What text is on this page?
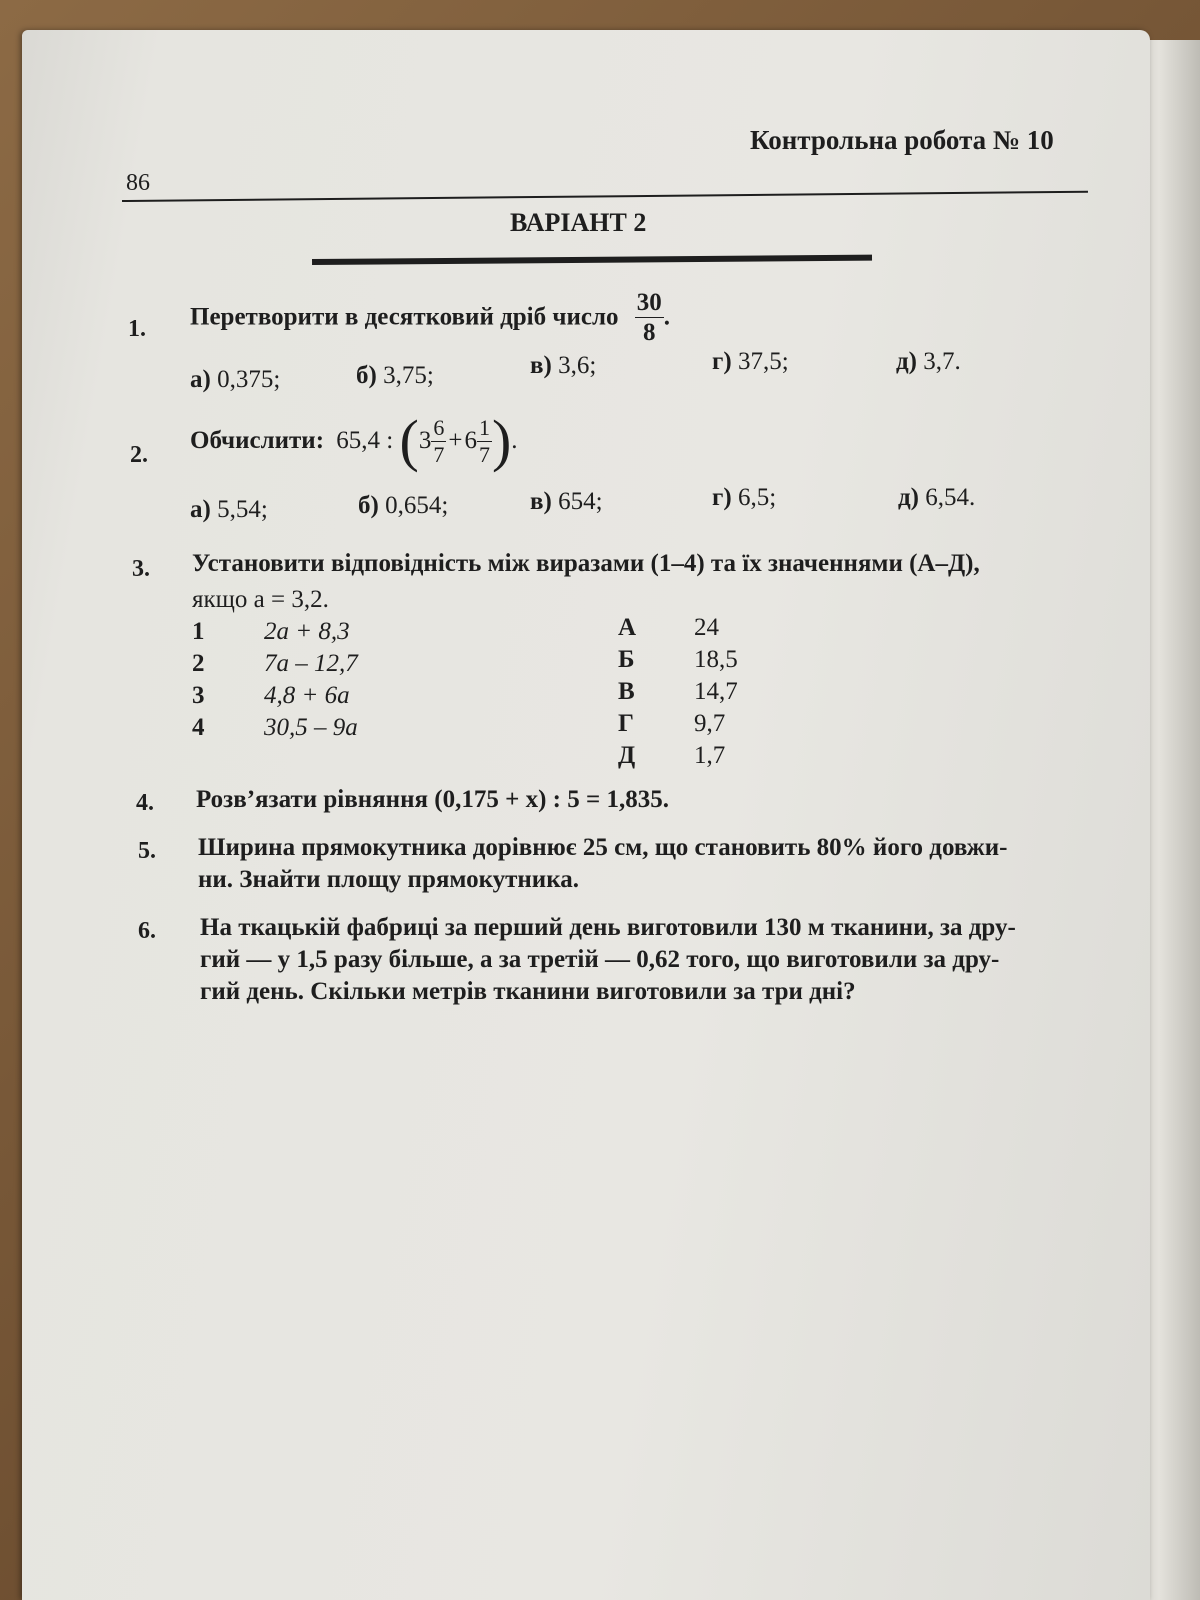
Контрольна робота № 10
86
ВАРІАНТ 2
1. Перетворити в десятковий дріб число $\frac{30}{8}$ .
а) 0,375;	б) 3,75;	в) 3,6;	г) 37,5;	д) 3,7.
2.
Обчислити: 65,4 : ($3 \frac{6}{7} +6 \frac{1}{7}$ ).
а) 5,54;	б) 0,654;	в) 654;	г) 6,5;	д) 6,54.
3. Установити відповідність між виразами (1–4) та їх значеннями (А–Д),
якщо a = 3,2.
1 2a + 8,3
2 7a – 12,7
3 4,8 + 6a
4 30,5 – 9a
А 24
Б 18,5
В 14,7
Г 9,7
Д 1,7
4. Розв’язати рівняння (0,175 + x) : 5 = 1,835.
5. Ширина прямокутника дорівнює 25 см, що становить 80% його довжи-
ни. Знайти площу прямокутника.
6. На ткацькій фабриці за перший день виготовили 130 м тканини, за дру-
гий — у 1,5 разу більше, а за третій — 0,62 того, що виготовили за дру-
гий день. Скільки метрів тканини виготовили за три дні?
